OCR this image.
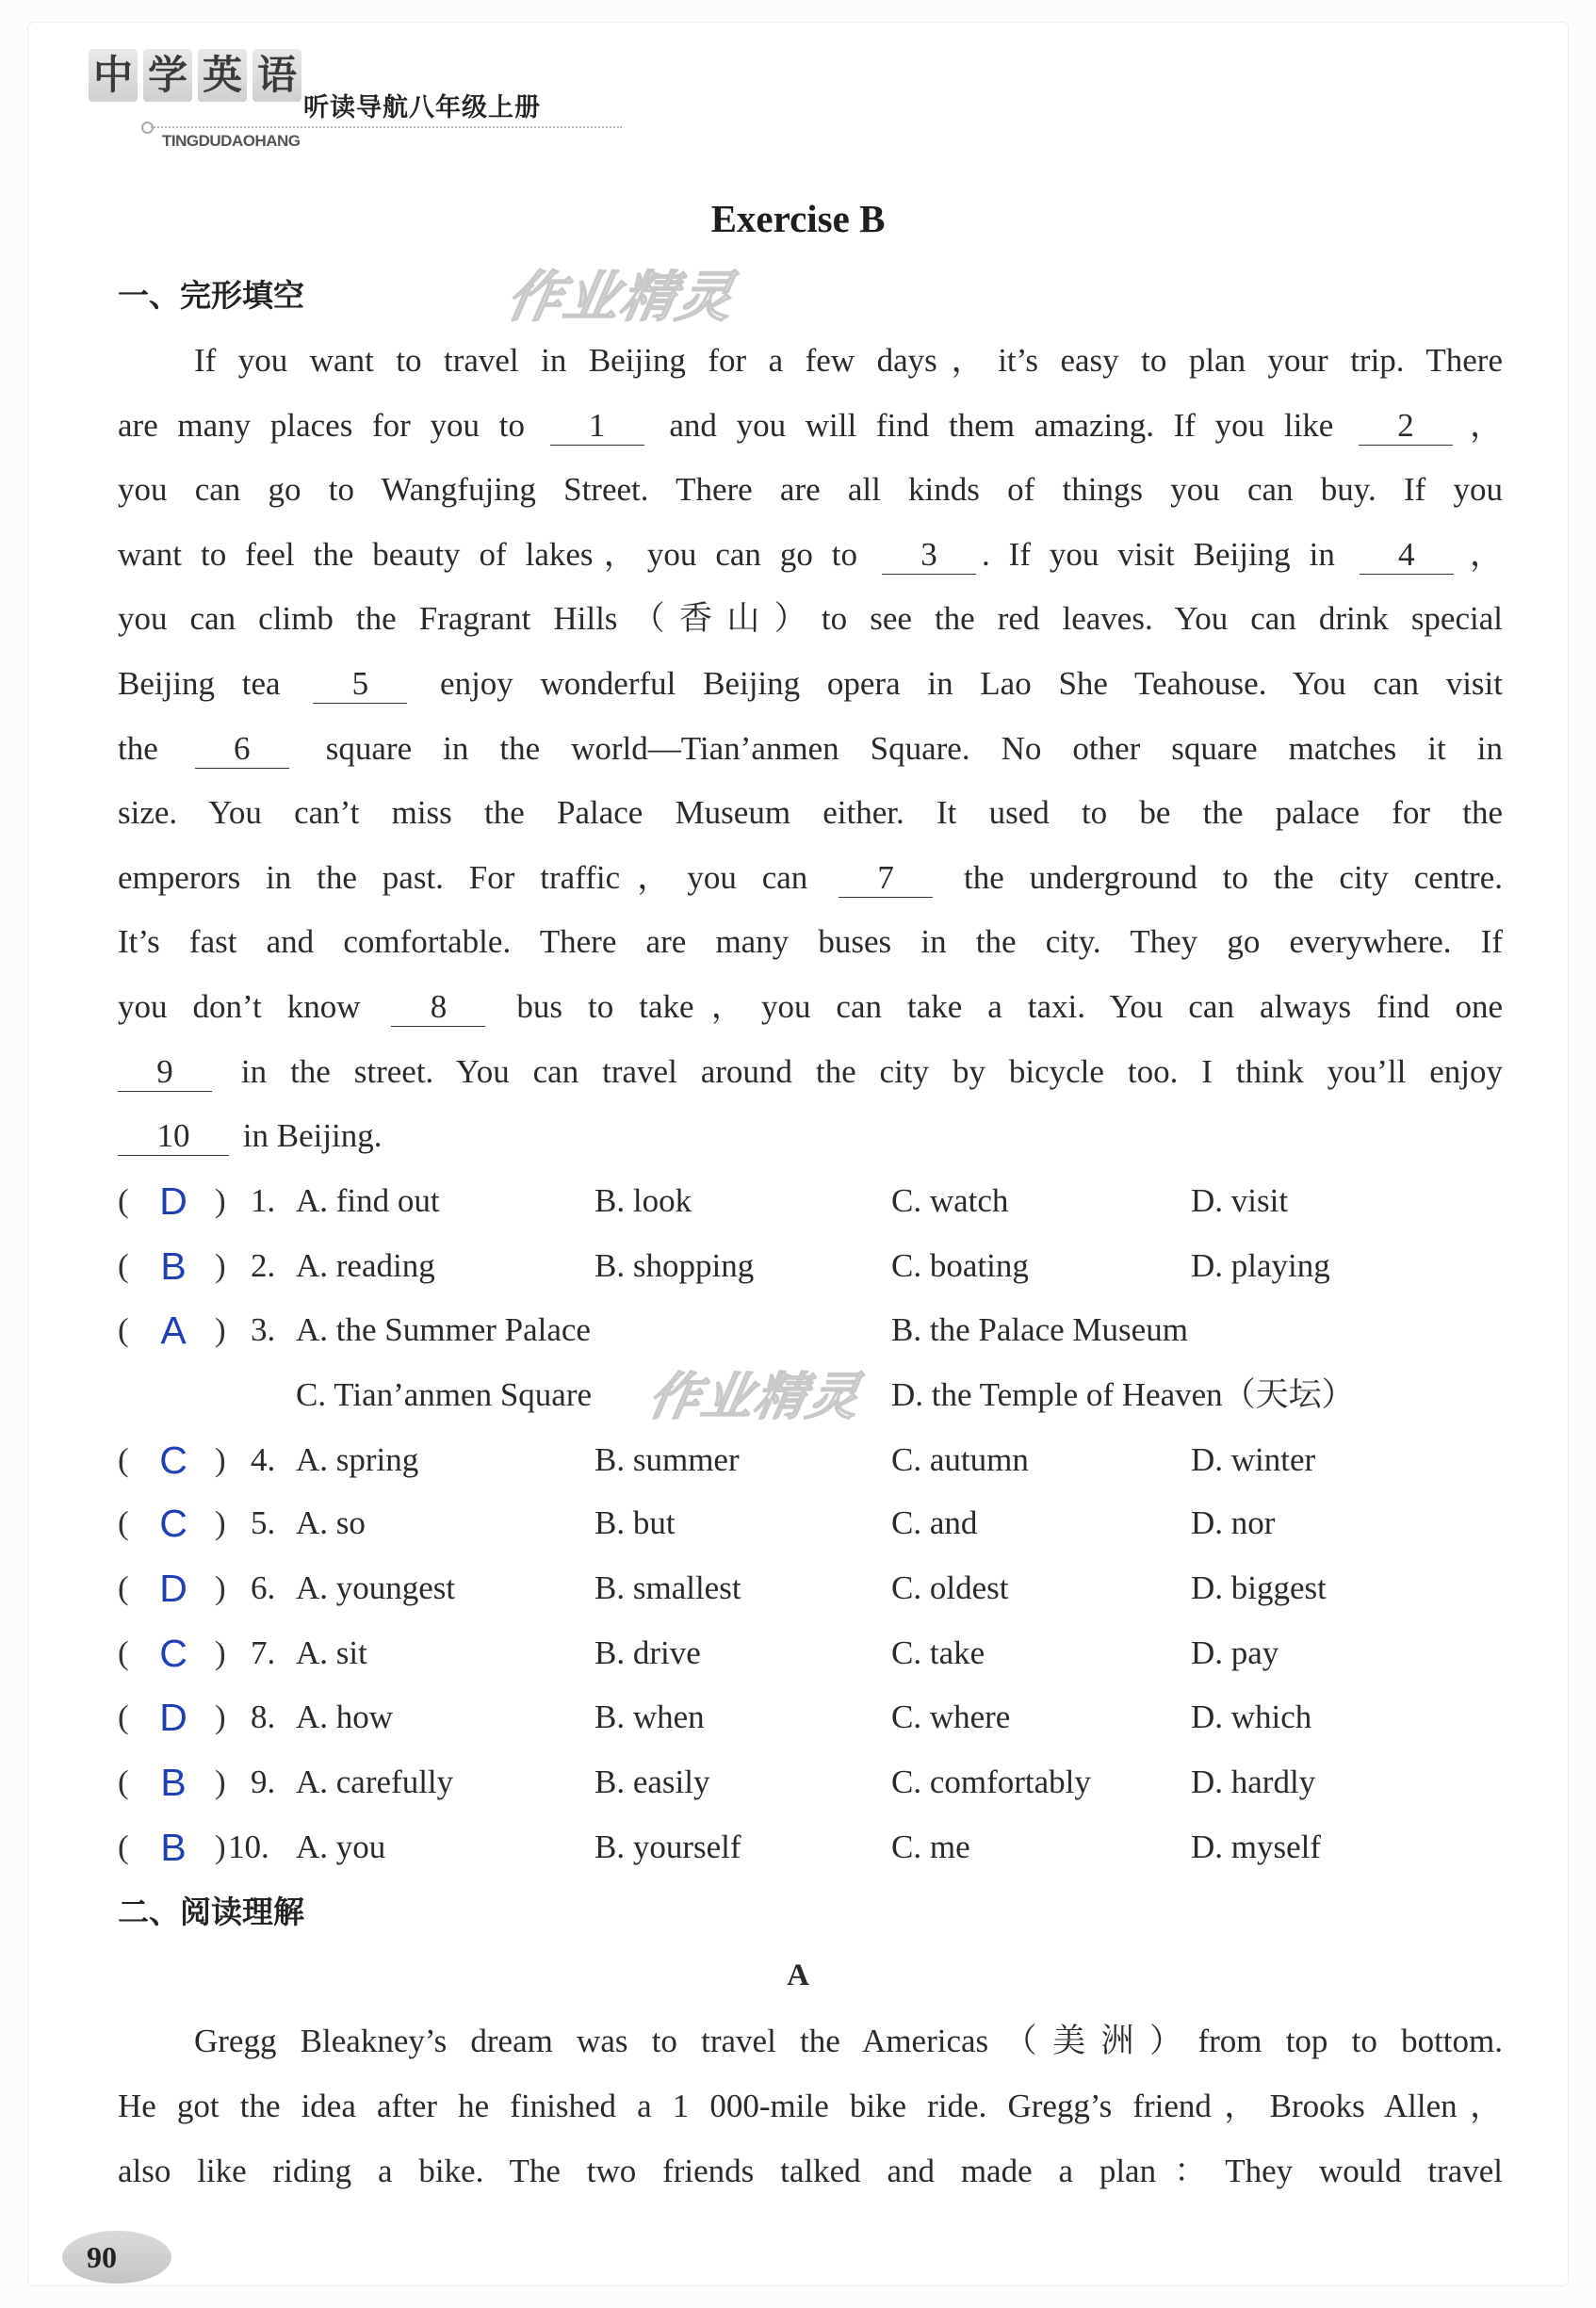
中 学 英 语
听读导航八年级上册
TINGDUDAOHANG
Exercise B
一、完形填空
If you want to travel in Beijing for a few days，it’s easy to plan your trip. There
are many places for you to 1 and you will find them amazing. If you like 2 ，
you can go to Wangfujing Street. There are all kinds of things you can buy. If you
want to feel the beauty of lakes，you can go to 3 . If you visit Beijing in 4 ，
you can climb the Fragrant Hills（香山）to see the red leaves. You can drink special
Beijing tea 5 enjoy wonderful Beijing opera in Lao She Teahouse. You can visit
the 6 square in the world—Tian’anmen Square. No other square matches it in
size. You can’t miss the Palace Museum either. It used to be the palace for the
emperors in the past. For traffic，you can 7 the underground to the city centre.
It’s fast and comfortable. There are many buses in the city. They go everywhere. If
you don’t know 8 bus to take，you can take a taxi. You can always find one
9 in the street. You can travel around the city by bicycle too. I think you’ll enjoy
10 in Beijing.
( D ) 1. A. find out	B. look	C. watch	D. visit
( B ) 2. A. reading	B. shopping	C. boating	D. playing
( A ) 3. A. the Summer Palace	B. the Palace Museum
C. Tian’anmen Square	D. the Temple of Heaven（天坛）
( C ) 4. A. spring	B. summer	C. autumn	D. winter
( C ) 5. A. so	B. but	C. and	D. nor
( D ) 6. A. youngest	B. smallest	C. oldest	D. biggest
( C ) 7. A. sit	B. drive	C. take	D. pay
( D ) 8. A. how	B. when	C. where	D. which
( B ) 9. A. carefully	B. easily	C. comfortably	D. hardly
( B ) 10. A. you	B. yourself	C. me	D. myself
二、阅读理解
A
Gregg Bleakney’s dream was to travel the Americas（美洲）from top to bottom.
He got the idea after he finished a 1 000-mile bike ride. Gregg’s friend，Brooks Allen，
also like riding a bike. The two friends talked and made a plan：They would travel
90
